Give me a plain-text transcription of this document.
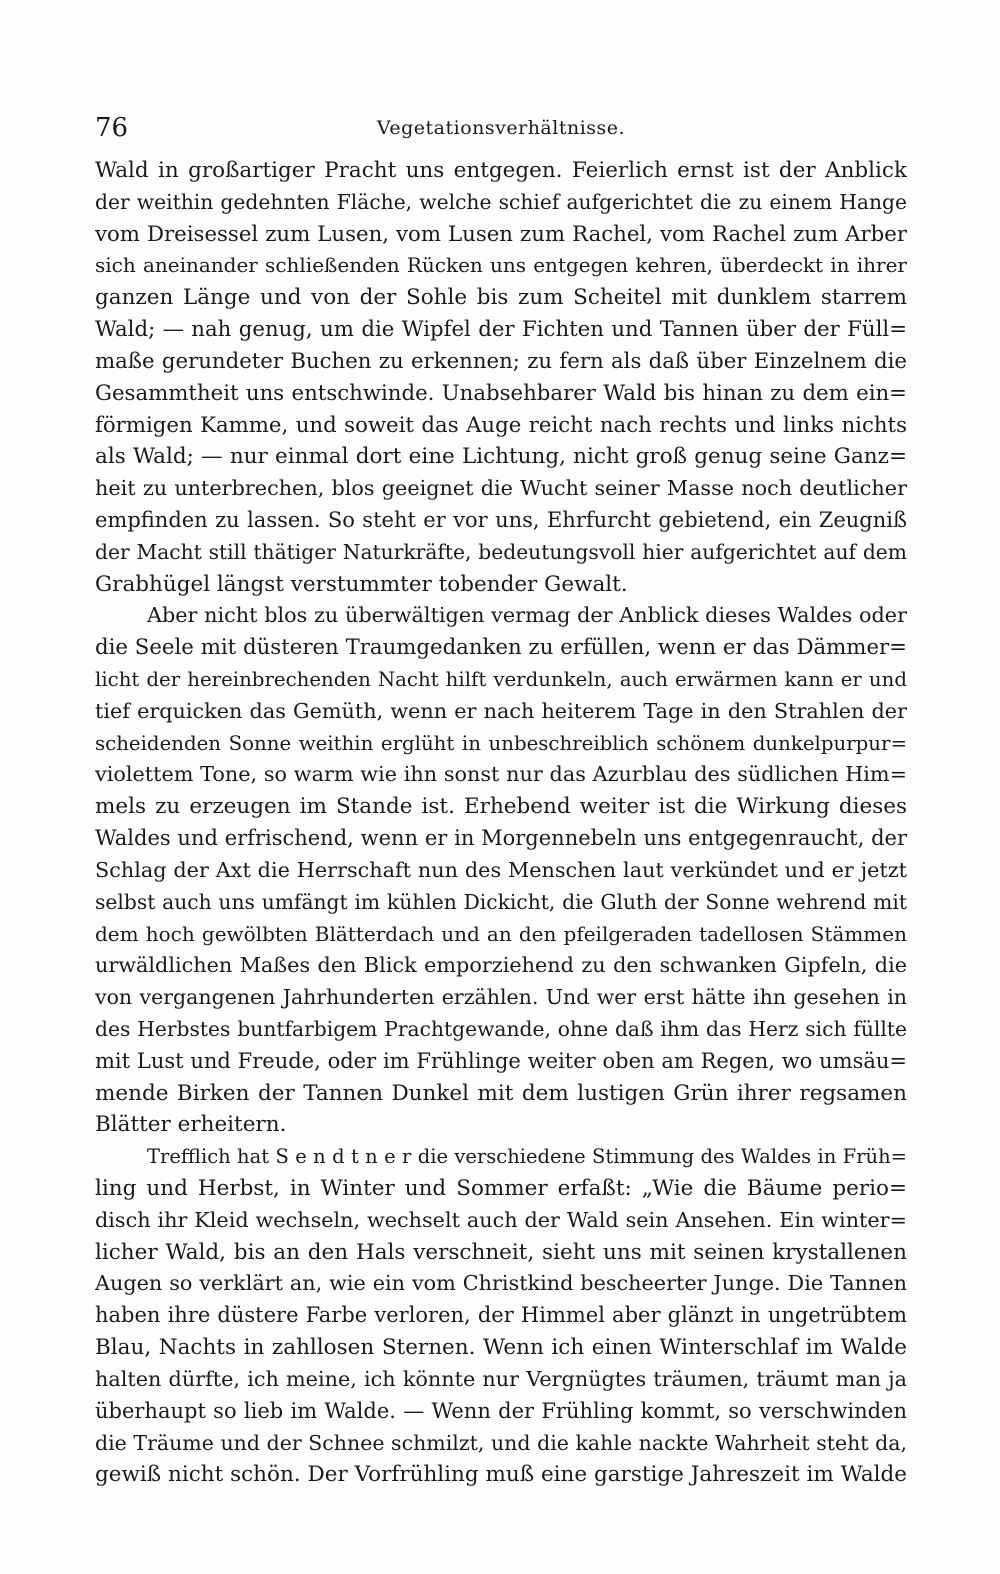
76	Vegetationsverhältnisse.
Wald in großartiger Pracht uns entgegen. Feierlich ernst ist der Anblick
der weithin gedehnten Fläche, welche schief aufgerichtet die zu einem Hange
vom Dreisessel zum Lusen, vom Lusen zum Rachel, vom Rachel zum Arber
sich aneinander schließenden Rücken uns entgegen kehren, überdeckt in ihrer
ganzen Länge und von der Sohle bis zum Scheitel mit dunklem starrem
Wald; — nah genug, um die Wipfel der Fichten und Tannen über der Füll=
maße gerundeter Buchen zu erkennen; zu fern als daß über Einzelnem die
Gesammtheit uns entschwinde. Unabsehbarer Wald bis hinan zu dem ein=
förmigen Kamme, und soweit das Auge reicht nach rechts und links nichts
als Wald; — nur einmal dort eine Lichtung, nicht groß genug seine Ganz=
heit zu unterbrechen, blos geeignet die Wucht seiner Masse noch deutlicher
empfinden zu lassen. So steht er vor uns, Ehrfurcht gebietend, ein Zeugniß
der Macht still thätiger Naturkräfte, bedeutungsvoll hier aufgerichtet auf dem
Grabhügel längst verstummter tobender Gewalt.
Aber nicht blos zu überwältigen vermag der Anblick dieses Waldes oder
die Seele mit düsteren Traumgedanken zu erfüllen, wenn er das Dämmer=
licht der hereinbrechenden Nacht hilft verdunkeln, auch erwärmen kann er und
tief erquicken das Gemüth, wenn er nach heiterem Tage in den Strahlen der
scheidenden Sonne weithin erglüht in unbeschreiblich schönem dunkelpurpur=
violettem Tone, so warm wie ihn sonst nur das Azurblau des südlichen Him=
mels zu erzeugen im Stande ist. Erhebend weiter ist die Wirkung dieses
Waldes und erfrischend, wenn er in Morgennebeln uns entgegenraucht, der
Schlag der Axt die Herrschaft nun des Menschen laut verkündet und er jetzt
selbst auch uns umfängt im kühlen Dickicht, die Gluth der Sonne wehrend mit
dem hoch gewölbten Blätterdach und an den pfeilgeraden tadellosen Stämmen
urwäldlichen Maßes den Blick emporziehend zu den schwanken Gipfeln, die
von vergangenen Jahrhunderten erzählen. Und wer erst hätte ihn gesehen in
des Herbstes buntfarbigem Prachtgewande, ohne daß ihm das Herz sich füllte
mit Lust und Freude, oder im Frühlinge weiter oben am Regen, wo umsäu=
mende Birken der Tannen Dunkel mit dem lustigen Grün ihrer regsamen
Blätter erheitern.
Trefflich hat S e n d t n e r die verschiedene Stimmung des Waldes in Früh=
ling und Herbst, in Winter und Sommer erfaßt: „Wie die Bäume perio=
disch ihr Kleid wechseln, wechselt auch der Wald sein Ansehen. Ein winter=
licher Wald, bis an den Hals verschneit, sieht uns mit seinen krystallenen
Augen so verklärt an, wie ein vom Christkind bescheerter Junge. Die Tannen
haben ihre düstere Farbe verloren, der Himmel aber glänzt in ungetrübtem
Blau, Nachts in zahllosen Sternen. Wenn ich einen Winterschlaf im Walde
halten dürfte, ich meine, ich könnte nur Vergnügtes träumen, träumt man ja
überhaupt so lieb im Walde. — Wenn der Frühling kommt, so verschwinden
die Träume und der Schnee schmilzt, und die kahle nackte Wahrheit steht da,
gewiß nicht schön. Der Vorfrühling muß eine garstige Jahreszeit im Walde
